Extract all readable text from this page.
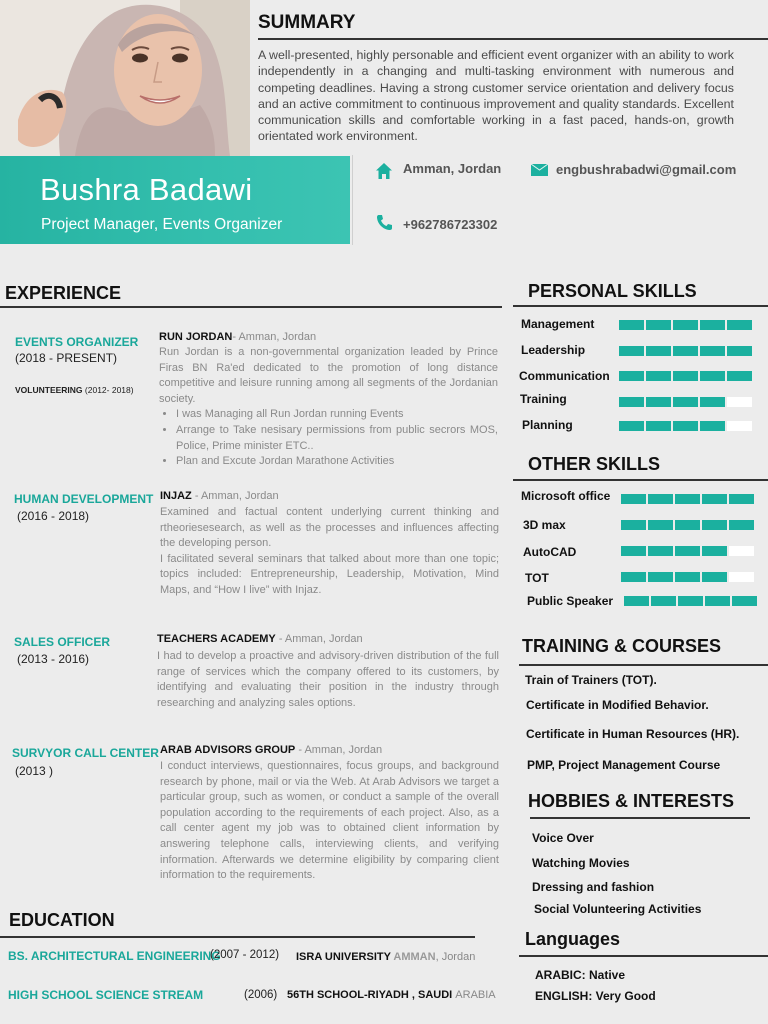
Bushra Badawi
Project Manager, Events Organizer
SUMMARY
A well-presented, highly personable and efficient event organizer with an ability to work independently in a changing and multi-tasking environment with numerous and competing deadlines. Having a strong customer service orientation and delivery focus and an active commitment to continuous improvement and quality standards. Excellent communication skills and comfortable working in a fast paced, hands-on, growth orientated work environment.
Amman, Jordan	engbushrabadwi@gmail.com
+962786723302
EXPERIENCE
EVENTS ORGANIZER
(2018 - PRESENT)
VOLUNTEERING (2012- 2018)
RUN JORDAN- Amman, Jordan
Run Jordan is a non-governmental organization leaded by Prince Firas BN Ra'ed dedicated to the promotion of long distance competitive and leisure running among all segments of the Jordanian society.
• I was Managing all Run Jordan running Events
• Arrange to Take nesisary permissions from public secrors MOS, Police, Prime minister ETC..
• Plan and Excute Jordan Marathone Activities
HUMAN DEVELOPMENT
(2016 - 2018)
INJAZ - Amman, Jordan
Examined and factual content underlying current thinking and rtheoriesesearch, as well as the processes and influences affecting the developing person.
I facilitated several seminars that talked about more than one topic; topics included: Entrepreneurship, Leadership, Motivation, Mind Maps, and “How I live” with Injaz.
SALES OFFICER
(2013 - 2016)
TEACHERS ACADEMY - Amman, Jordan
I had to develop a proactive and advisory-driven distribution of the full range of services which the company offered to its customers, by identifying and evaluating their position in the industry through researching and analyzing sales options.
SURVYOR CALL CENTER
(2013 )
ARAB ADVISORS GROUP - Amman, Jordan
I conduct interviews, questionnaires, focus groups, and background research by phone, mail or via the Web. At Arab Advisors we target a particular group, such as women, or conduct a sample of the overall population according to the requirements of each project. Also, as a call center agent my job was to obtained client information by answering telephone calls, interviewing clients, and verifying information. Afterwards we determine eligibility by comparing client information to the requirements.
EDUCATION
BS. ARCHITECTURAL ENGINEERING
(2007 - 2012) ISRA UNIVERSITY AMMAN, Jordan
HIGH SCHOOL SCIENCE STREAM	(2006) 56TH SCHOOL-RIYADH , SAUDI ARABIA
PERSONAL SKILLS
Management
Leadership
Communication
Training
Planning
OTHER SKILLS
Microsoft office
3D max
AutoCAD
TOT
Public Speaker
TRAINING & COURSES
Train of Trainers (TOT).
Certificate in Modified Behavior.
Certificate in Human Resources (HR).
PMP, Project Management Course
HOBBIES & INTERESTS
Voice Over
Watching Movies
Dressing and fashion
Social Volunteering Activities
Languages
ARABIC: Native
ENGLISH: Very Good
